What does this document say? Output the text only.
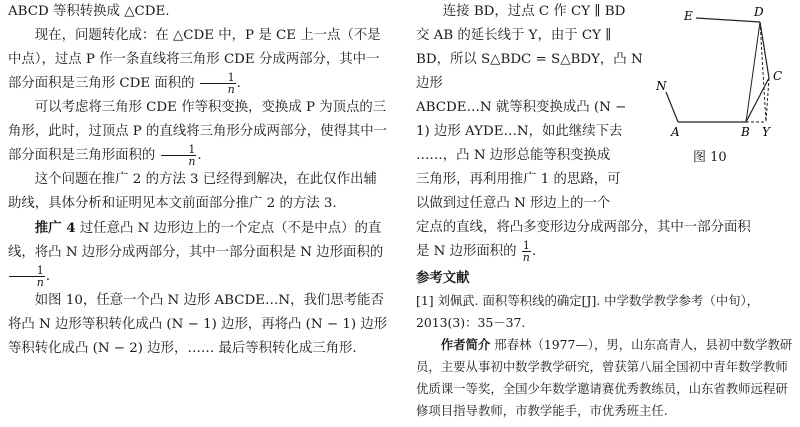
ABCD 等积转换成 △CDE.

现在，问题转化成：在 △CDE 中，P 是 CE 上一点（不是中点），过点 P 作一条直线将三角形 CDE 分成两部分，其中一部分面积是三角形 CDE 面积的 $\frac{1}{n}$ .

可以考虑将三角形 CDE 作等积变换，变换成 P 为顶点的三角形，此时，过顶点 P 的直线将三角形分成两部分，使得其中一部分面积是三角形面积的 $\frac{1}{n}$ .

这个问题在推广 2 的方法 3 已经得到解决，在此仅作出辅助线，具体分析和证明见本文前面部分推广 2 的方法 3.

推广 4 过任意凸 N 边形边上的一个定点（不是中点）的直线，将凸 N 边形分成两部分，其中一部分面积是 N 边形面积的
$\frac{1}{n}$ .

如图 10，任意一个凸 N 边形 ABCDE…N，我们思考能否将凸 N 边形等积转化成凸 (N − 1) 边形，再将凸 (N − 1) 边形等积转化成凸 (N − 2) 边形，…… 最后等积转化成三角形.

连接 BD，过点 C 作 CY ∥ BD

交 AB 的延长线于 Y，由于 CY ∥

BD，所以 S△BDC = S△BDY，凸 N 边形

ABCDE…N 就等积变换成凸 (N −

1) 边形 AYDE…N，如此继续下去

……，凸 N 边形总能等积变换成

三角形，再利用推广 1 的思路，可

以做到过任意凸 N 形边上的一个

定点的直线，将凸多变形边分成两部分，其中一部分面积

是 N 边形面积的 $\frac{1}{n}$ .

参考文献

[1] 刘佩武. 面积等积线的确定[J]. 中学数学教学参考（中旬），2013(3)：35－37.

作者简介 邢春林（1977—），男，山东高青人，县初中数学教研员，主要从事初中数学教学研究，曾获第八届全国初中青年数学教师优质课一等奖，全国少年数学邀请赛优秀教练员，山东省教师远程研修项目指导教师，市教学能手，市优秀班主任.

E	D
C
N
A	B Y
图 10
